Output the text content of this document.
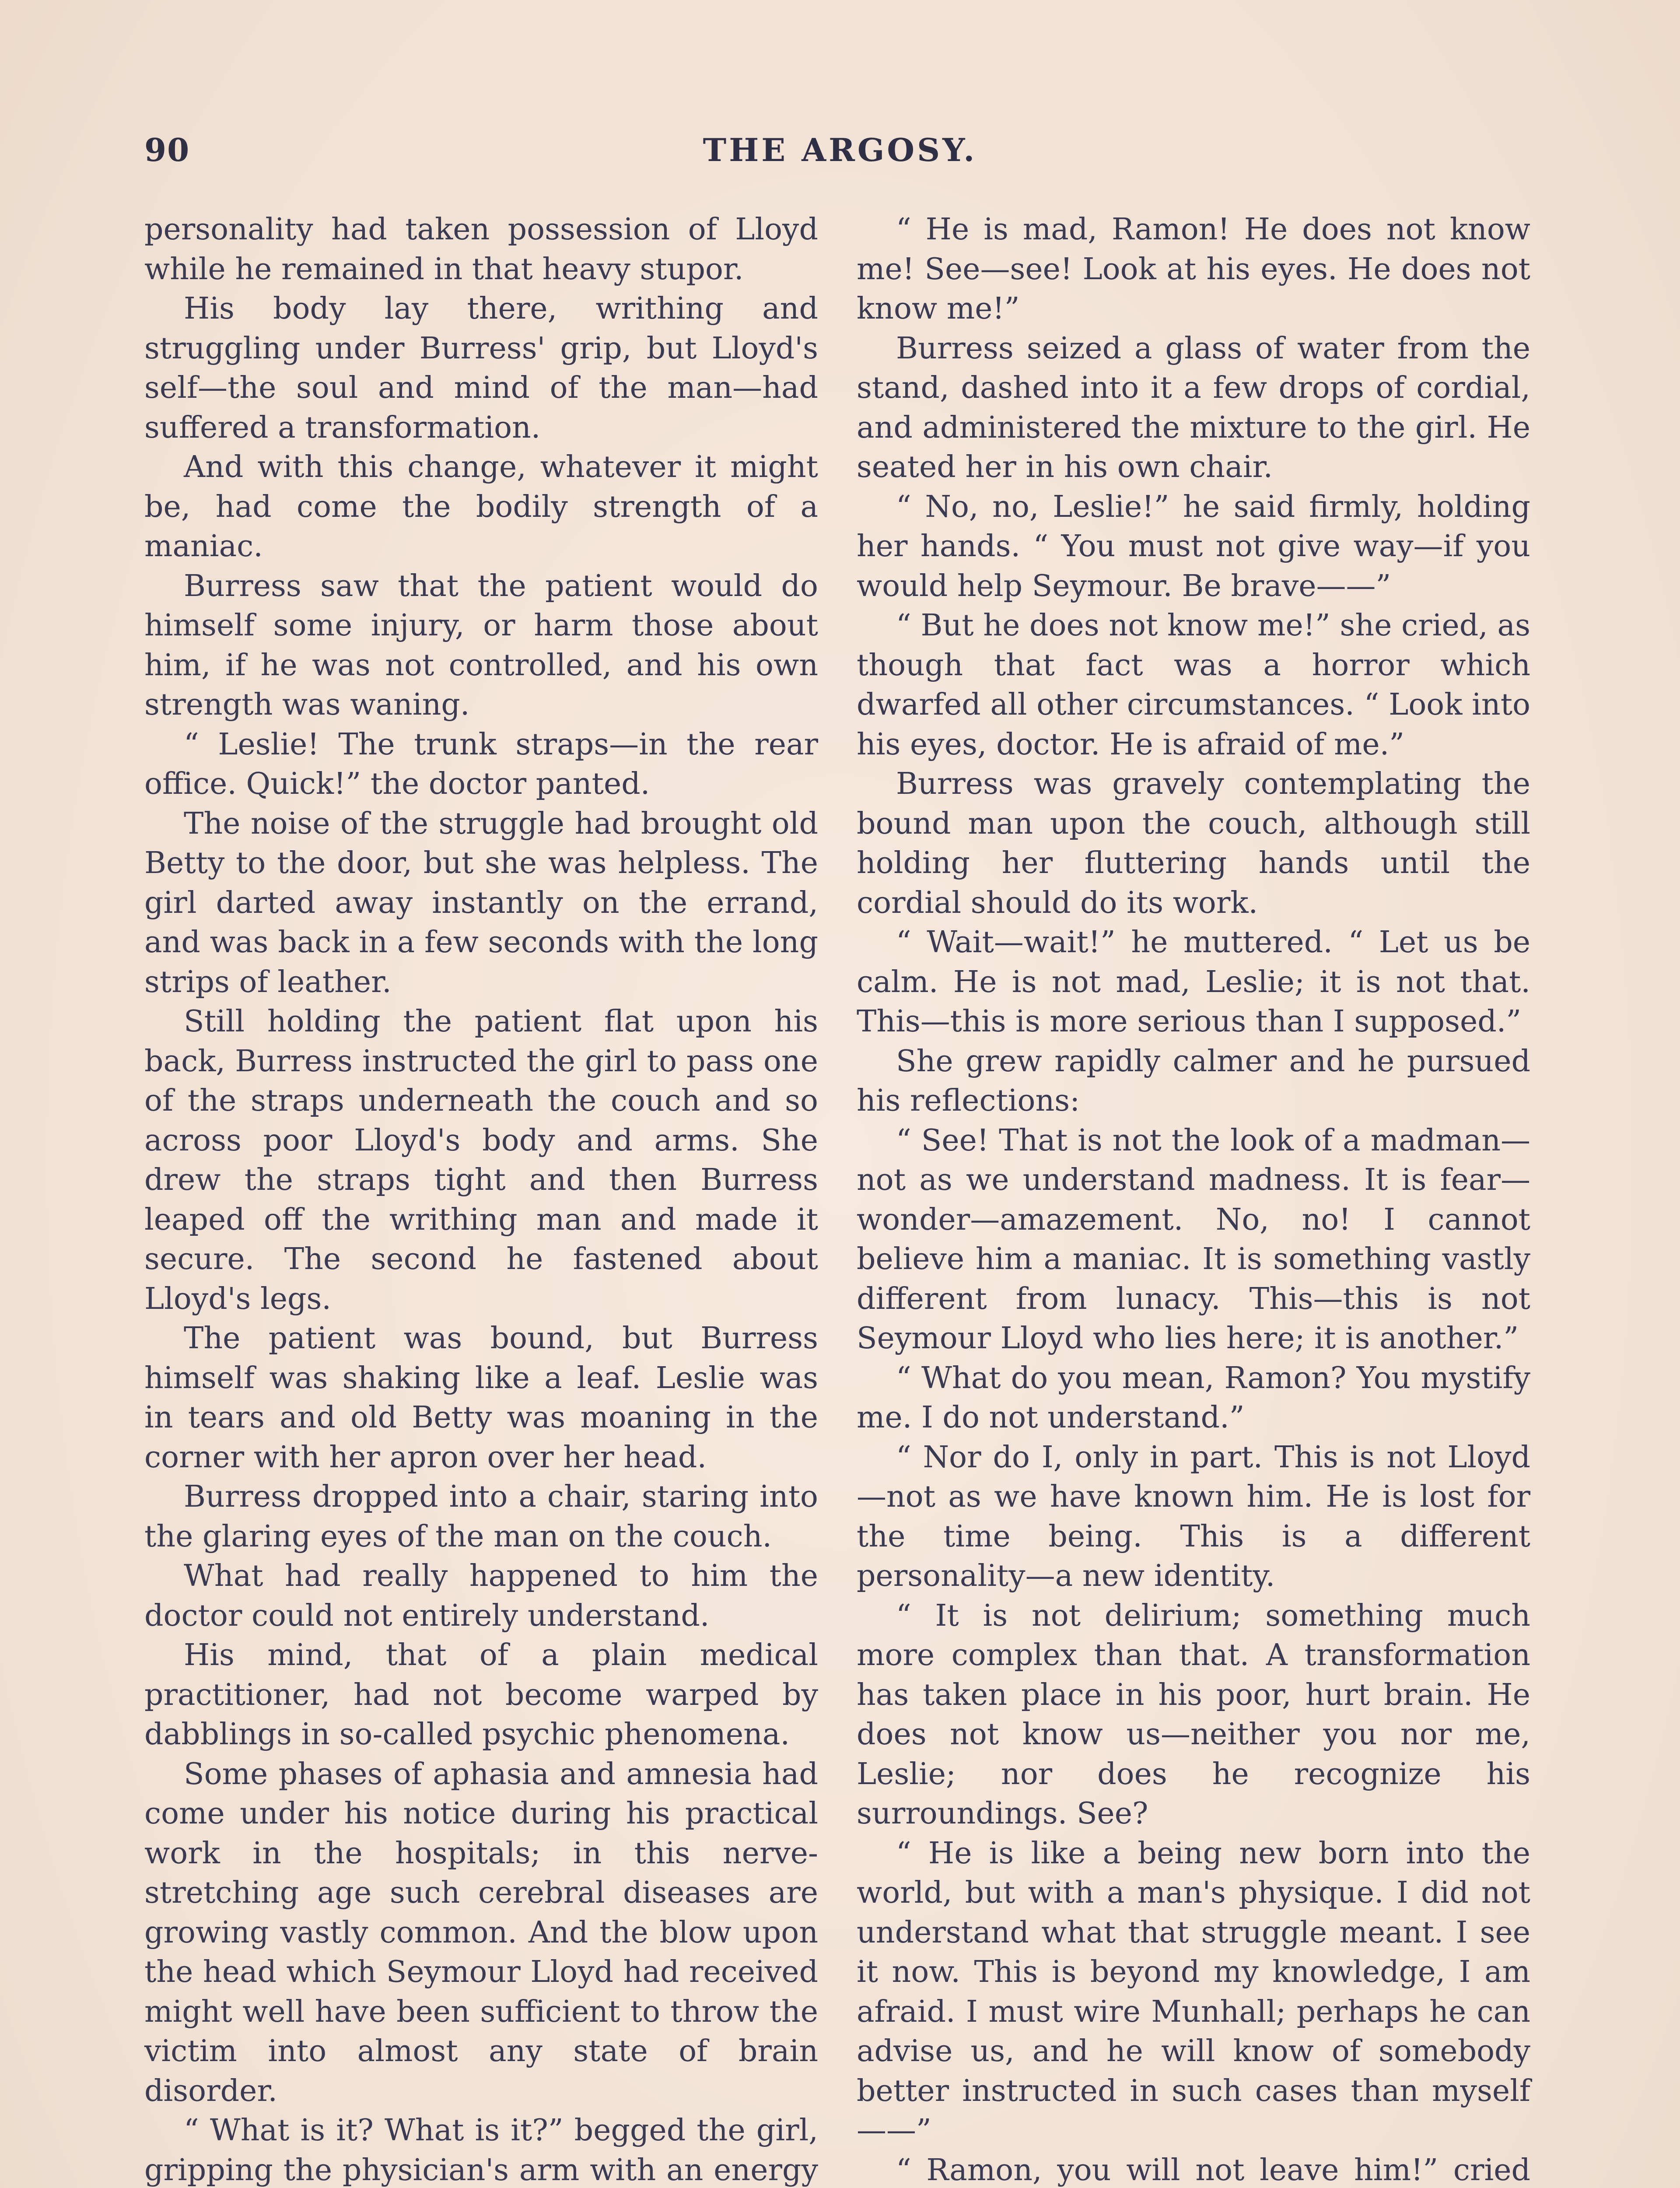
90	THE ARGOSY.

personality had taken possession of Lloyd while he remained in that heavy stupor.

His body lay there, writhing and struggling under Burress' grip, but Lloyd's self—the soul and mind of the man—had suffered a transformation.

And with this change, whatever it might be, had come the bodily strength of a maniac.

Burress saw that the patient would do himself some injury, or harm those about him, if he was not controlled, and his own strength was waning.

“ Leslie! The trunk straps—in the rear office. Quick!” the doctor panted.

The noise of the struggle had brought old Betty to the door, but she was helpless. The girl darted away instantly on the errand, and was back in a few seconds with the long strips of leather.

Still holding the patient flat upon his back, Burress instructed the girl to pass one of the straps underneath the couch and so across poor Lloyd's body and arms. She drew the straps tight and then Burress leaped off the writhing man and made it secure. The second he fastened about Lloyd's legs.

The patient was bound, but Burress himself was shaking like a leaf. Leslie was in tears and old Betty was moaning in the corner with her apron over her head.

Burress dropped into a chair, staring into the glaring eyes of the man on the couch.

What had really happened to him the doctor could not entirely understand.

His mind, that of a plain medical practitioner, had not become warped by dabblings in so-called psychic phenomena.

Some phases of aphasia and amnesia had come under his notice during his practical work in the hospitals; in this nerve-stretching age such cerebral diseases are growing vastly common. And the blow upon the head which Seymour Lloyd had received might well have been sufficient to throw the victim into almost any state of brain disorder.

“ What is it? What is it?” begged the girl, gripping the physician's arm with an energy

“ He is mad, Ramon! He does not know me! See—see! Look at his eyes. He does not know me!”

Burress seized a glass of water from the stand, dashed into it a few drops of cordial, and administered the mixture to the girl. He seated her in his own chair.

“ No, no, Leslie!” he said firmly, holding her hands. “ You must not give way—if you would help Seymour. Be brave——”

“ But he does not know me!” she cried, as though that fact was a horror which dwarfed all other circumstances. “ Look into his eyes, doctor. He is afraid of me.”

Burress was gravely contemplating the bound man upon the couch, although still holding her fluttering hands until the cordial should do its work.

“ Wait—wait!” he muttered. “ Let us be calm. He is not mad, Leslie; it is not that. This—this is more serious than I supposed.”

She grew rapidly calmer and he pursued his reflections:

“ See! That is not the look of a madman—not as we understand madness. It is fear—wonder—amazement. No, no! I cannot believe him a maniac. It is something vastly different from lunacy. This—this is not Seymour Lloyd who lies here; it is another.”

“ What do you mean, Ramon? You mystify me. I do not understand.”

“ Nor do I, only in part. This is not Lloyd—not as we have known him. He is lost for the time being. This is a different personality—a new identity.

“ It is not delirium; something much more complex than that. A transformation has taken place in his poor, hurt brain. He does not know us—neither you nor me, Leslie; nor does he recognize his surroundings. See?

“ He is like a being new born into the world, but with a man's physique. I did not understand what that struggle meant. I see it now. This is beyond my knowledge, I am afraid. I must wire Munhall; perhaps he can advise us, and he will know of somebody better instructed in such cases than myself——”

“ Ramon, you will not leave him!” cried
